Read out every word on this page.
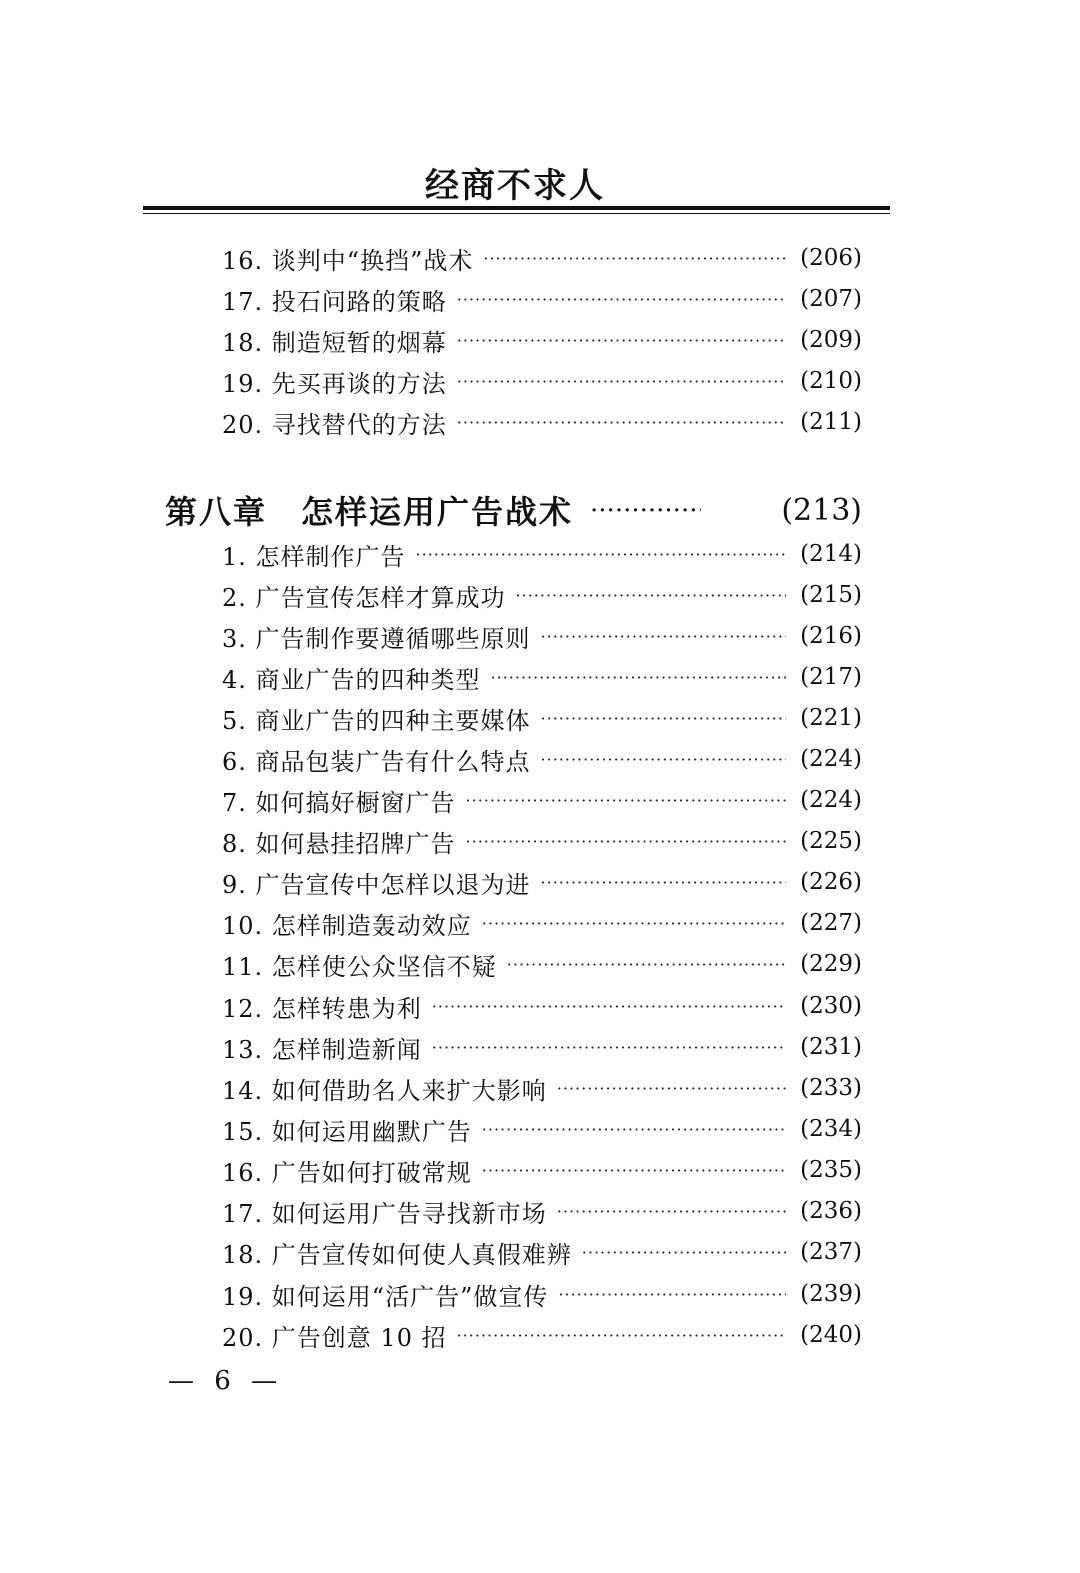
经商不求人
16. 谈判中“换挡”战术 ·····	(206)
17. 投石问路的策略 ·····	(207)
18. 制造短暂的烟幕 ·····	(209)
19. 先买再谈的方法 ·····	(210)
20. 寻找替代的方法 ·····	(211)
第八章　怎样运用广告战术 ·····	(213)
1. 怎样制作广告 ·····	(214)
2. 广告宣传怎样才算成功 ·····	(215)
3. 广告制作要遵循哪些原则 ·····	(216)
4. 商业广告的四种类型 ·····	(217)
5. 商业广告的四种主要媒体 ·····	(221)
6. 商品包装广告有什么特点 ·····	(224)
7. 如何搞好橱窗广告 ·····	(224)
8. 如何悬挂招牌广告 ·····	(225)
9. 广告宣传中怎样以退为进 ·····	(226)
10. 怎样制造轰动效应 ·····	(227)
11. 怎样使公众坚信不疑 ·····	(229)
12. 怎样转患为利 ·····	(230)
13. 怎样制造新闻 ·····	(231)
14. 如何借助名人来扩大影响 ·····	(233)
15. 如何运用幽默广告 ·····	(234)
16. 广告如何打破常规 ·····	(235)
17. 如何运用广告寻找新市场 ·····	(236)
18. 广告宣传如何使人真假难辨 ·····	(237)
19. 如何运用“活广告”做宣传 ·····	(239)
20. 广告创意 10 招 ·····	(240)
— 6 —
